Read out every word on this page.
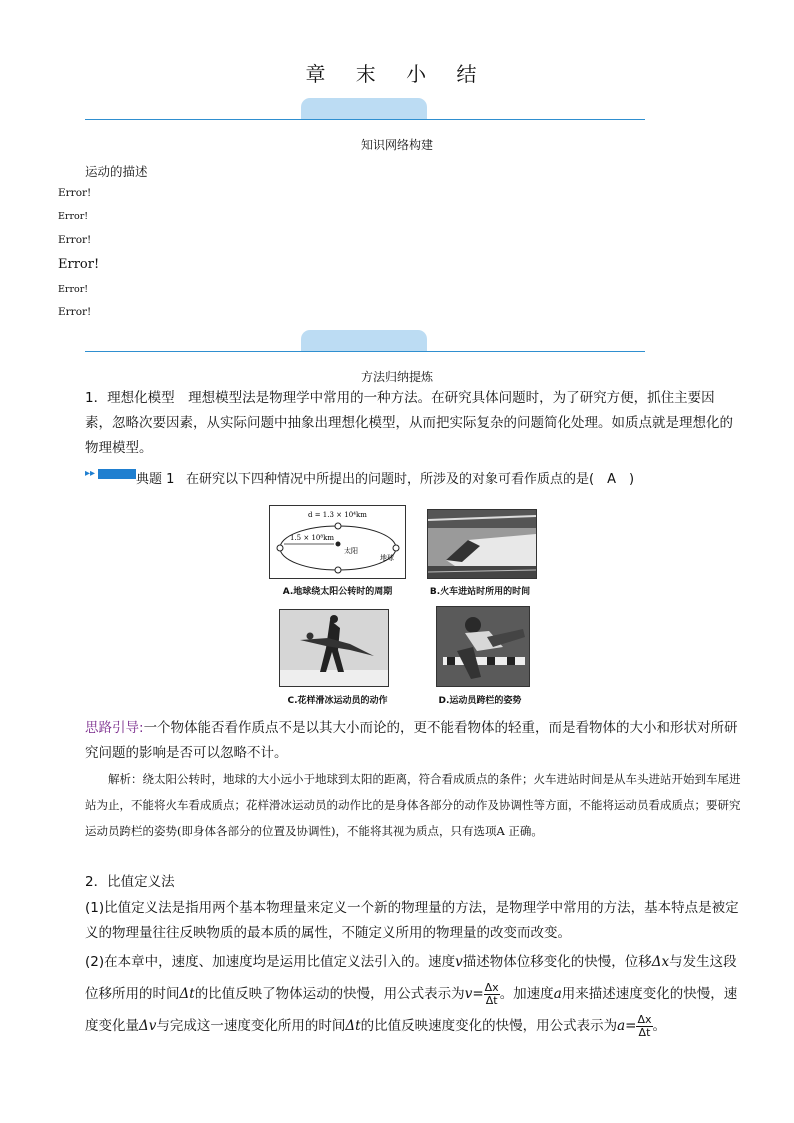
章 末 小 结
知识网络构建
运动的描述
Error!
Error!
Error!
Error!
Error!
Error!
方法归纳提炼

1．理想化模型　 理想模型法是物理学中常用的一种方法。在研究具体问题时，为了研究方便，抓住主要因素，忽略次要因素，从实际问题中抽象出理想化模型，从而把实际复杂的问题简化处理。如质点就是理想化的物理模型。

▸▸	典题 1 在研究以下四种情况中所提出的问题时，所涉及的对象可看作质点的是(　A　)
d = 1.3 × 10⁴km
1.5 × 10⁸km
太阳
地球
A.地球绕太阳公转时的周期	B.火车进站时所用的时间
C.花样滑冰运动员的动作	D.运动员跨栏的姿势

思路引导:一个物体能否看作质点不是以其大小而论的，更不能看物体的轻重，而是看物体的大小和形状对所研究问题的影响是否可以忽略不计。

解析：绕太阳公转时，地球的大小远小于地球到太阳的距离，符合看成质点的条件；火车进站时间是从车头进站开始到车尾进站为止，不能将火车看成质点；花样滑冰运动员的动作比的是身体各部分的动作及协调性等方面，不能将运动员看成质点；要研究运动员跨栏的姿势(即身体各部分的位置及协调性)，不能将其视为质点，只有选项A 正确。

2．比值定义法

(1)比值定义法是指用两个基本物理量来定义一个新的物理量的方法，是物理学中常用的方法，基本特点是被定义的物理量往往反映物质的最本质的属性，不随定义所用的物理量的改变而改变。

(2)在本章中，速度、加速度均是运用比值定义法引入的。速度v描述物体位移变化的快慢，位移Δx与发生这段位移所用的时间Δt的比值反映了物体运动的快慢，用公式表示为$v= \frac{\Delta x}{\Delta t}$ 。加速度a用来描述速度变化的快慢，速度变化量Δv与完成这一速度变化所用的时间Δt的比值反映速度变化的快慢，用公式表示为$a= \frac{\Delta x}{\Delta t}$ 。
